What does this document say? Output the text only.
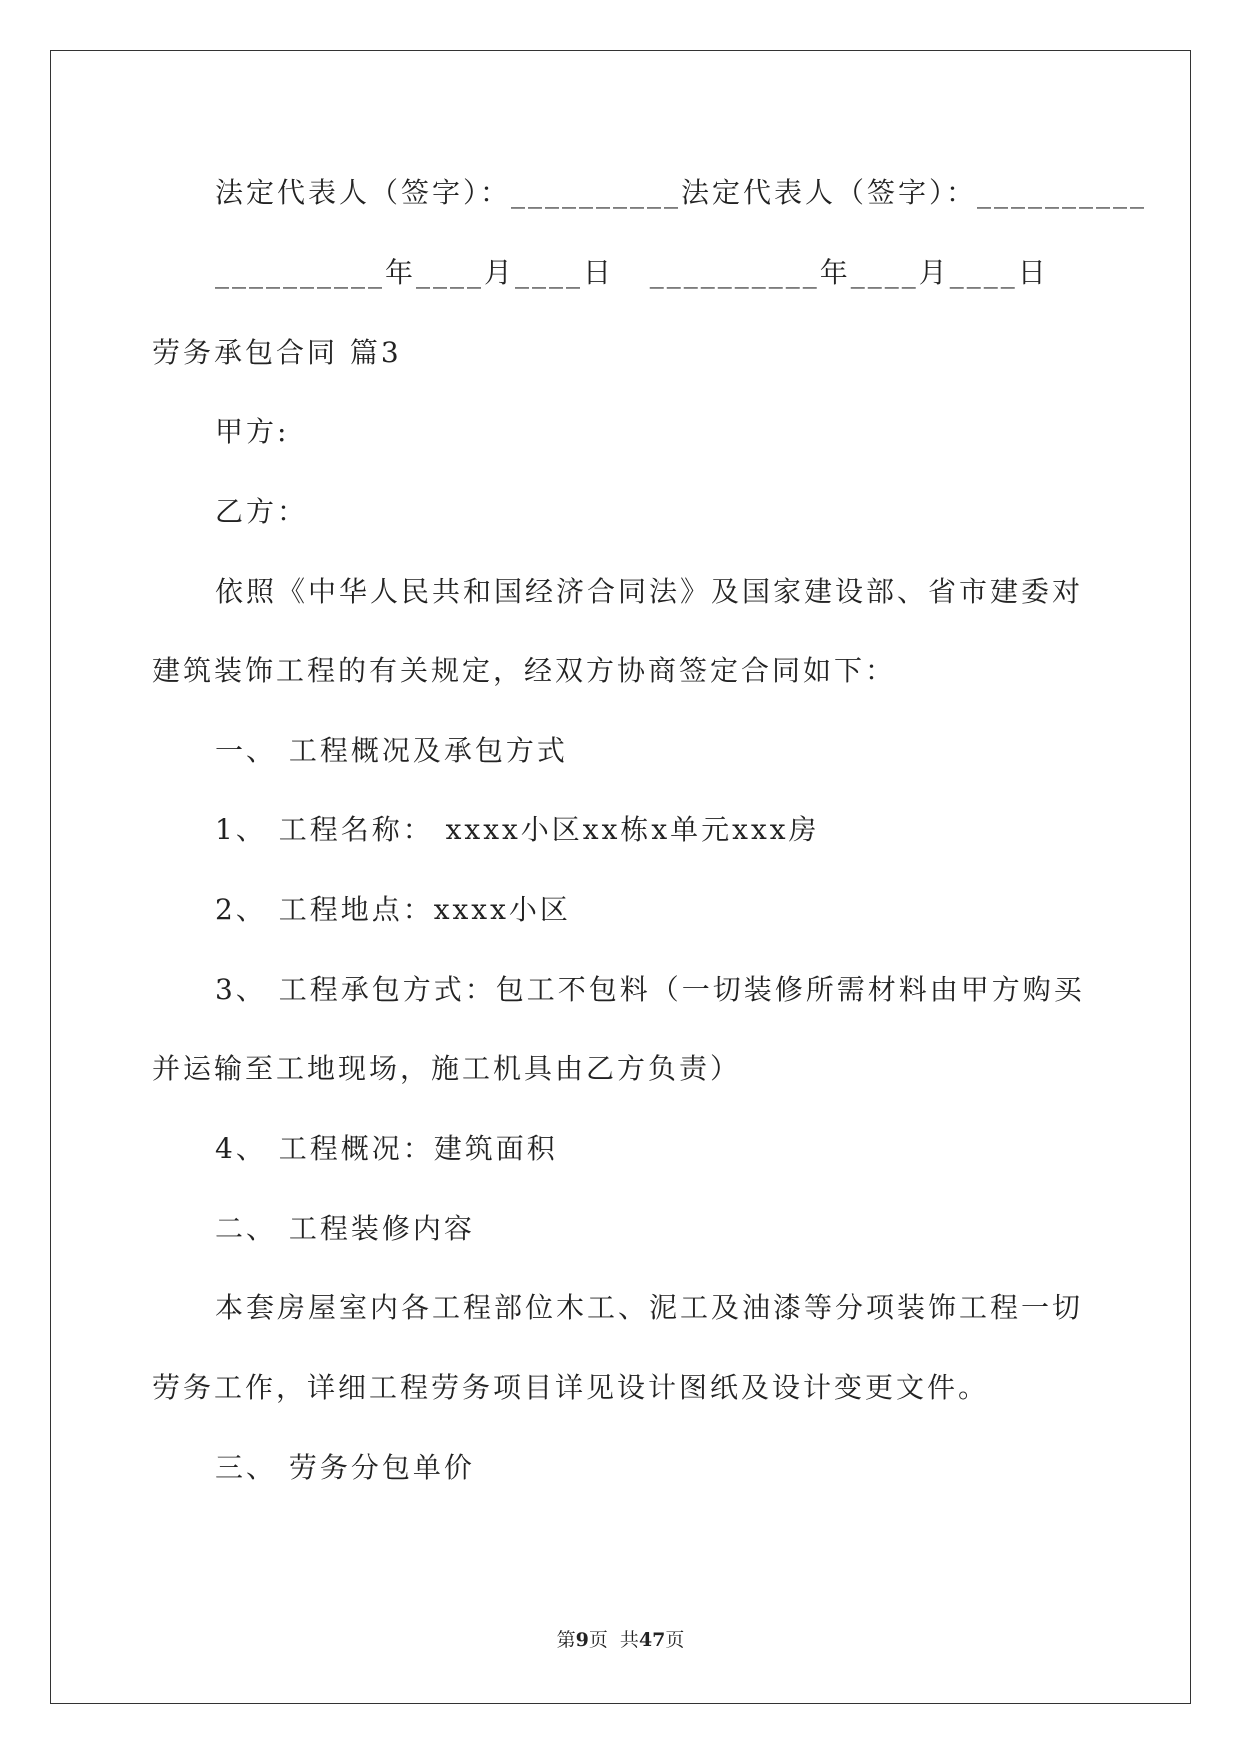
法定代表人（签字）：__________法定代表人（签字）：__________
__________年____月____日   __________年____月____日
劳务承包合同 篇3
甲方:
乙方：
依照《中华人民共和国经济合同法》及国家建设部、省市建委对
建筑装饰工程的有关规定，经双方协商签定合同如下：
一、 工程概况及承包方式
1、 工程名称： xxxx小区xx栋x单元xxx房
2、 工程地点：xxxx小区
3、 工程承包方式：包工不包料（一切装修所需材料由甲方购买
并运输至工地现场，施工机具由乙方负责）
4、 工程概况：建筑面积
二、 工程装修内容
本套房屋室内各工程部位木工、泥工及油漆等分项装饰工程一切
劳务工作，详细工程劳务项目详见设计图纸及设计变更文件。
三、 劳务分包单价
第9页  共47页
